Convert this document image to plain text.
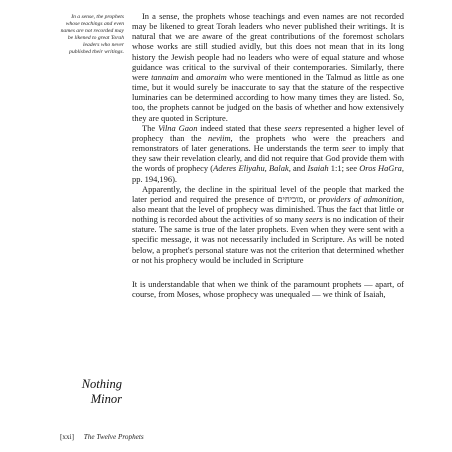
In a sense, the prophets whose teachings and even names are not recorded may be likened to great Torah leaders who never published their writings.

In a sense, the prophets whose teachings and even names are not recorded may be likened to great Torah leaders who never published their writings. It is natural that we are aware of the great contributions of the foremost scholars whose works are still studied avidly, but this does not mean that in its long history the Jewish people had no leaders who were of equal stature and whose guidance was critical to the survival of their contemporaries. Similarly, there were tannaim and amoraim who were mentioned in the Talmud as little as one time, but it would surely be inaccurate to say that the stature of the respective luminaries can be determined according to how many times they are listed. So, too, the prophets cannot be judged on the basis of whether and how extensively they are quoted in Scripture.

The Vilna Gaon indeed stated that these seers represented a higher level of prophecy than the neviim, the prophets who were the preachers and remonstrators of later generations. He understands the term seer to imply that they saw their revelation clearly, and did not require that God provide them with the words of prophecy (Aderes Eliyahu, Balak, and Isaiah 1:1; see Oros HaGra, pp. 194,196).

Apparently, the decline in the spiritual level of the people that marked the later period and required the presence of מוכיחים, or providers of admonition, also meant that the level of prophecy was diminished. Thus the fact that little or nothing is recorded about the activities of so many seers is no indication of their stature. The same is true of the later prophets. Even when they were sent with a specific message, it was not necessarily included in Scripture. As will be noted below, a prophet's personal stature was not the criterion that determined whether or not his prophecy would be included in Scripture

It is understandable that when we think of the paramount prophets — apart, of course, from Moses, whose prophecy was unequaled — we think of Isaiah,

Nothing
Minor
[xxi] The Twelve Prophets
